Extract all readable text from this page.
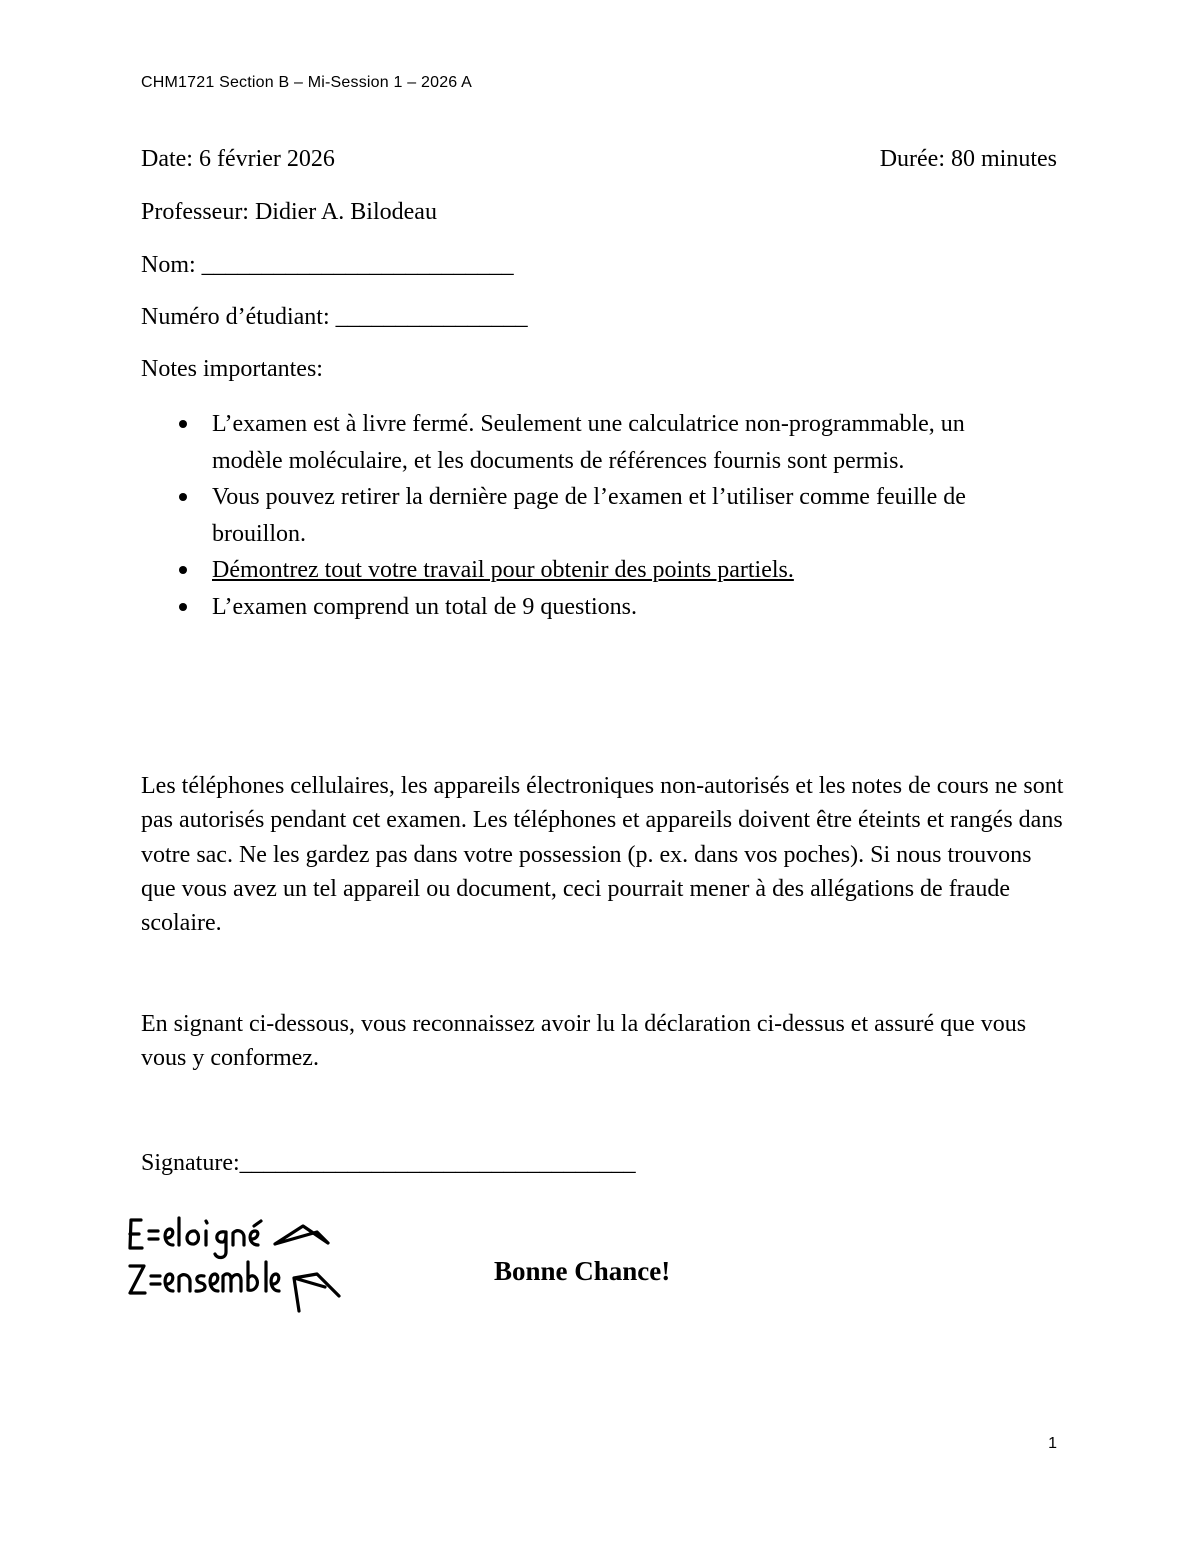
CHM1721 Section B – Mi-Session 1 – 2026 A
Date: 6 février 2026	Durée: 80 minutes
Professeur: Didier A. Bilodeau
Nom: __________________________
Numéro d’étudiant: ________________
Notes importantes:
L’examen est à livre fermé. Seulement une calculatrice non-programmable, un modèle moléculaire, et les documents de références fournis sont permis.
Vous pouvez retirer la dernière page de l’examen et l’utiliser comme feuille de brouillon.
Démontrez tout votre travail pour obtenir des points partiels.
L’examen comprend un total de 9 questions.

Les téléphones cellulaires, les appareils électroniques non-autorisés et les notes de cours ne sont pas autorisés pendant cet examen. Les téléphones et appareils doivent être éteints et rangés dans votre sac. Ne les gardez pas dans votre possession (p. ex. dans vos poches). Si nous trouvons que vous avez un tel appareil ou document, ceci pourrait mener à des allégations de fraude scolaire.

En signant ci-dessous, vous reconnaissez avoir lu la déclaration ci-dessus et assuré que vous vous y conformez.

Signature:_________________________________
Bonne Chance!
1
